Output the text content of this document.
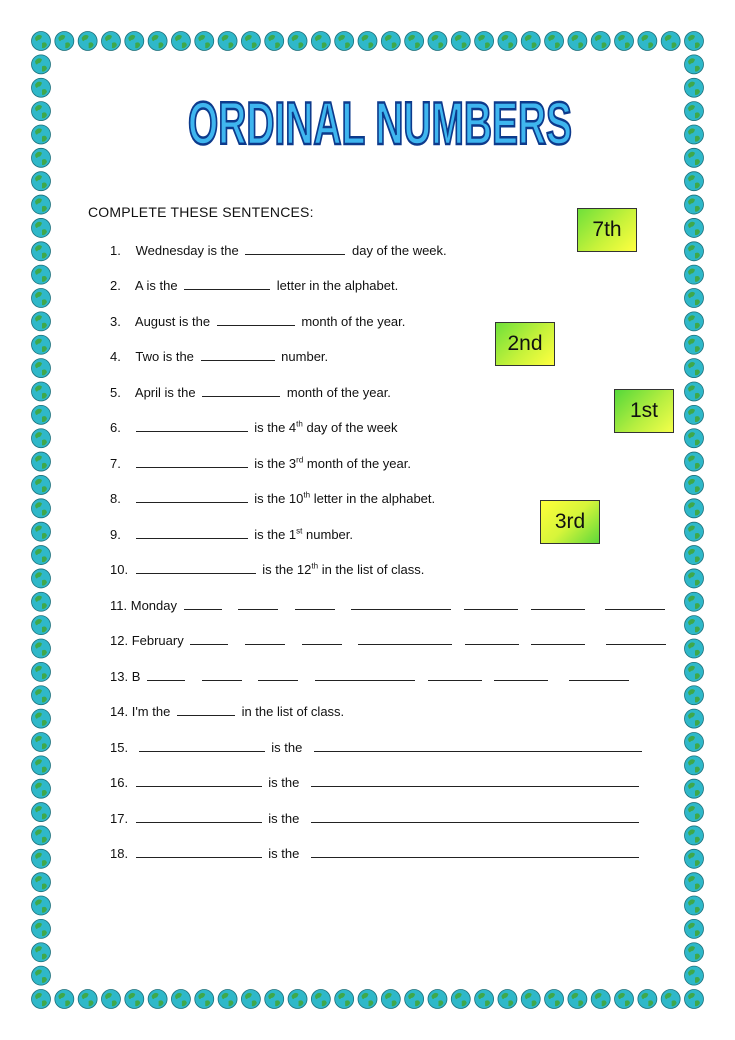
ORDINAL NUMBERS
COMPLETE THESE SENTENCES:
7th
2nd
1st
3rd
1. Wednesday is the	day of the week.
2. A is the	letter in the alphabet.
3. August is the	month of the year.
4. Two is the	number.
5. April is the	month of the year.
6.	is the 4th day of the week
7.	is the 3rd month of the year.
8.	is the 10th letter in the alphabet.
9.	is the 1st number.
10.	is the 12th in the list of class.
11. Monday
12. February
13. B
14. I'm the	in the list of class.
15.	is the
16.	is the
17.	is the
18.	is the
